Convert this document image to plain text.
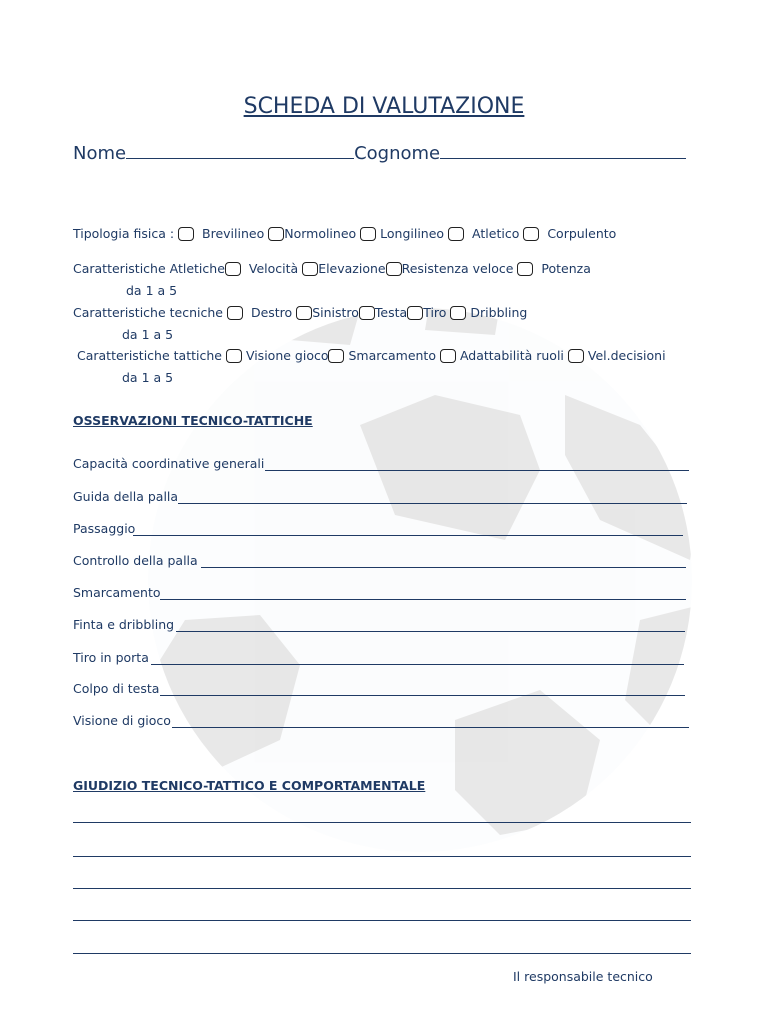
SCHEDA DI VALUTAZIONE
Nome	Cognome
Tipologia fisica : Brevilineo Normolineo Longilineo Atletico Corpulento
Caratteristiche Atletiche Velocità Elevazione Resistenza veloce Potenza
da 1 a 5
Caratteristiche tecniche Destro Sinistro Testa Tiro Dribbling
da 1 a 5
Caratteristiche tattiche Visione gioco Smarcamento Adattabilità ruoli Vel.decisioni
da 1 a 5
OSSERVAZIONI TECNICO-TATTICHE
Capacità coordinative generali
Guida della palla
Passaggio
Controllo della palla
Smarcamento
Finta e dribbling
Tiro in porta
Colpo di testa
Visione di gioco
GIUDIZIO TECNICO-TATTICO E COMPORTAMENTALE
Il responsabile tecnico
